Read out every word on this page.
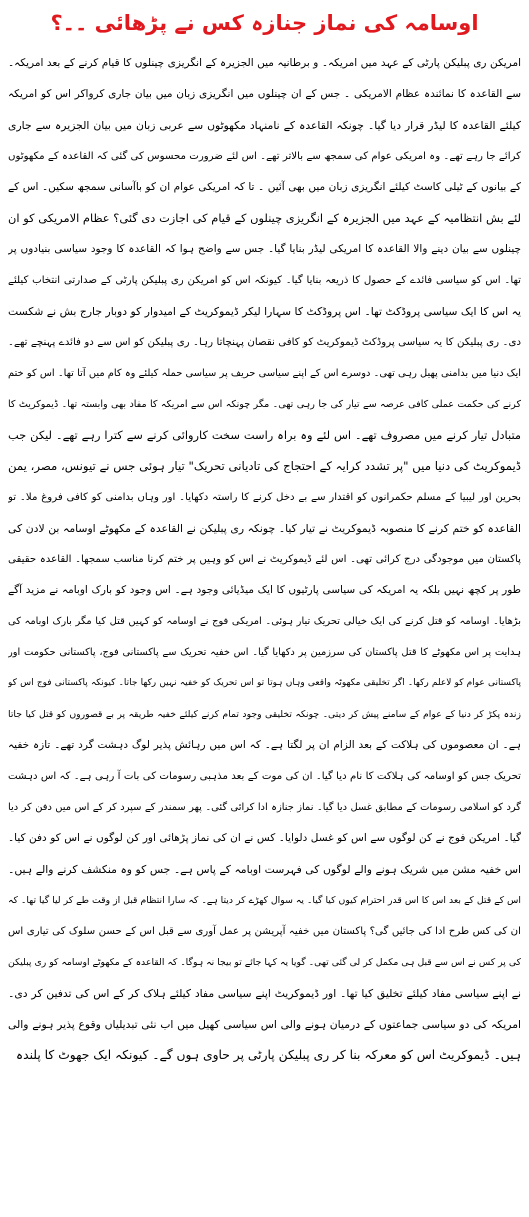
اوسامہ کی نماز جنازہ کس نے پڑھائی ۔۔؟
امریکن ری پبلیکن پارٹی کے عہد میں امریکہ۔ و برطانیہ میں الجزیرہ کے انگریزی چینلوں کا قیام کرنے کے بعد امریکہ۔
سے القاعدہ کا نمائندہ عظام الامریکی ۔ جس کے ان چینلوں میں انگریزی زبان میں بیان جاری کرواکر اس کو امریکہ
کیلئے القاعدہ کا لیڈر قرار دیا گیا۔ چونکہ القاعدہ کے نامنہاد مکھوٹوں سے عربی زبان میں بیان الجزیرہ سے جاری
کرائے جا رہے تھے۔ وہ امریکی عوام کی سمجھ سے بالاتر تھے۔ اس لئے ضرورت محسوس کی گئی کہ القاعدہ کے مکھوٹوں
کے بیانوں کے ٹیلی کاسٹ کیلئے انگریزی زبان میں بھی آئیں ۔ تا کہ امریکی عوام ان کو باآسانی سمجھ سکیں۔ اس کے
لئے بش انتظامیہ کے عہد میں الجزیرہ کے انگریزی چینلوں کے قیام کی اجازت دی گئی؟ عظام الامریکی کو ان
چینلوں سے بیان دینے والا القاعدہ کا امریکی لیڈر بنایا گیا۔ جس سے واضح ہوا کہ القاعدہ کا وجود سیاسی بنیادوں پر
تھا۔ اس کو سیاسی فائدے کے حصول کا ذریعہ بنایا گیا۔ کیونکہ اس کو امریکن ری پبلیکن پارٹی کے صدارتی انتخاب کیلئے
یہ اس کا ایک سیاسی پروڈکٹ تھا۔ اس پروڈکٹ کا سہارا لیکر ڈیموکریٹ کے امیدوار کو دوبار جارج بش نے شکست
دی۔ ری پبلیکن کا یہ سیاسی پروڈکٹ ڈیموکریٹ کو کافی نقصان پہنچاتا رہا۔ ری پبلیکن کو اس سے دو فائدے پہنچے تھے۔
ایک دنیا میں بدامنی پھیل رہی تھی۔ دوسرے اس کے اپنے سیاسی حریف پر سیاسی حملہ کیلئے وہ کام میں آتا تھا۔ اس کو ختم
کرنے کی حکمت عملی کافی عرصہ سے تیار کی جا رہی تھی۔ مگر چونکہ اس سے امریکہ کا مفاد بھی وابستہ تھا۔ ڈیموکریٹ کا
متبادل تیار کرنے میں مصروف تھے۔ اس لئے وہ براہ راست سخت کاروائی کرنے سے کترا رہے تھے۔ لیکن جب
ڈیموکریٹ کی دنیا میں "پر تشدد کرایہ کے احتجاج کی تادیانی تحریک" تیار ہوئی جس نے تیونس، مصر، یمن
بحرین اور لیبیا کے مسلم حکمرانوں کو اقتدار سے بے دخل کرنے کا راستہ دکھایا۔ اور وہاں بدامنی کو کافی فروغ ملا۔ تو
القاعدہ کو ختم کرنے کا منصوبہ ڈیموکریٹ نے تیار کیا۔ چونکہ ری پبلیکن نے القاعدہ کے مکھوٹے اوسامہ بن لادن کی
پاکستان میں موجودگی درج کرائی تھی۔ اس لئے ڈیموکریٹ نے اس کو وہیں پر ختم کرنا مناسب سمجھا۔ القاعدہ حقیقی
طور پر کچھ نہیں بلکہ یہ امریکہ کی سیاسی پارٹیوں کا ایک میڈیائی وجود ہے۔ اس وجود کو بارک اوبامہ نے مزید آگے
بڑھایا۔ اوسامہ کو قتل کرنے کی ایک خیالی تحریک تیار ہوئی۔ امریکی فوج نے اوسامہ کو کہیں قتل کیا مگر بارک اوبامہ کی
ہدایت پر اس مکھوٹے کا قتل پاکستان کی سرزمین پر دکھایا گیا۔ اس خفیہ تحریک سے پاکستانی فوج، پاکستانی حکومت اور
پاکستانی عوام کو لاعلم رکھا۔ اگر تخلیقی مکھوٹہ واقعی وہاں ہوتا تو اس تحریک کو خفیہ نہیں رکھا جاتا۔ کیونکہ پاکستانی فوج اس کو
زندہ پکڑ کر دنیا کے عوام کے سامنے پیش کر دیتی۔ چونکہ تخلیقی وجود تمام کرنے کیلئے خفیہ طریقہ پر بے قصوروں کو قتل کیا جاتا
ہے۔ ان معصوموں کی ہلاکت کے بعد الزام ان پر لگتا ہے۔ کہ اس میں رہائش پذیر لوگ دہشت گرد تھے۔ تازہ خفیہ
تحریک جس کو اوسامہ کی ہلاکت کا نام دیا گیا۔ ان کی موت کے بعد مذہبی رسومات کی بات آ رہی ہے۔ کہ اس دہشت
گرد کو اسلامی رسومات کے مطابق غسل دیا گیا۔ نماز جنازہ ادا کرائی گئی۔ پھر سمندر کے سپرد کر کے اس میں دفن کر دیا
گیا۔ امریکن فوج نے کن لوگوں سے اس کو غسل دلوایا۔ کس نے ان کی نماز پڑھائی اور کن لوگوں نے اس کو دفن کیا۔
اس خفیہ مشن میں شریک ہونے والے لوگوں کی فہرست اوبامہ کے پاس ہے۔ جس کو وہ منکشف کرنے والے ہیں۔
اس کے قتل کے بعد اس کا اس قدر احترام کیوں کیا گیا۔ یہ سوال کھڑے کر دیتا ہے۔ کہ سارا انتظام قبل از وقت طے کر لیا گیا تھا۔ کہ
ان کی کس طرح ادا کی جائیں گی؟ پاکستان میں خفیہ آپریشن پر عمل آوری سے قبل اس کے حسن سلوک کی تیاری اس
کی پر کس نے اس سے قبل ہی مکمل کر لی گئی تھی۔ گویا یہ کہا جائے تو بیجا نہ ہوگا۔ کہ القاعدہ کے مکھوٹے اوسامہ کو ری پبلیکن
نے اپنے سیاسی مفاد کیلئے تخلیق کیا تھا۔ اور ڈیموکریٹ اپنے سیاسی مفاد کیلئے ہلاک کر کے اس کی تدفین کر دی۔
امریکہ کی دو سیاسی جماعتوں کے درمیان ہونے والی اس سیاسی کھیل میں اب نئی تبدیلیاں وقوع پذیر ہونے والی
ہیں۔ ڈیموکریٹ اس کو معرکہ بنا کر ری پبلیکن پارٹی پر حاوی ہوں گے۔ کیونکہ ایک جھوٹ کا پلندہ
